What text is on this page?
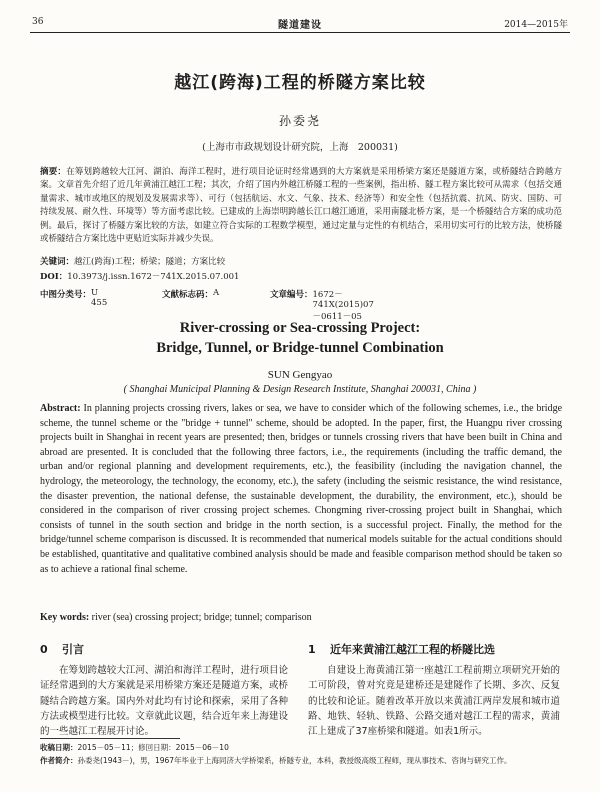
36	隧道建设	2014—2015年
越江(跨海)工程的桥隧方案比较
孙委尧
(上海市市政规划设计研究院，上海　200031)
摘要：在筹划跨越较大江河、湖泊、海洋工程时，进行项目论证时经常遇到的大方案就是采用桥梁方案还是隧道方案，或桥隧结合跨越方案。文章首先介绍了近几年黄浦江越江工程；其次，介绍了国内外越江桥隧工程的一些案例，指出桥、隧工程方案比较可从需求（包括交通量需求、城市或地区的规划及发展需求等）、可行（包括航运、水文、气象、技术、经济等）和安全性（包括抗震、抗风、防灾、国防、可持续发展、耐久性、环境等）等方面考虑比较。已建成的上海崇明跨越长江口越江通道，采用南隧北桥方案，是一个桥隧结合方案的成功范例。最后，探讨了桥隧方案比较的方法，如建立符合实际的工程数学模型，通过定量与定性的有机结合，采用切实可行的比较方法，使桥隧或桥隧结合方案比选中更贴近实际并减少失误。
关键词：越江(跨海)工程；桥梁；隧道；方案比较
DOI：10.3973/j.issn.1672－741X.2015.07.001
中图分类号： U 455
文献标志码： A	文章编号： 1672－741X(2015)07－0611－05
River-crossing or Sea-crossing Project:
Bridge, Tunnel, or Bridge-tunnel Combination
SUN Gengyao
( Shanghai Municipal Planning & Design Research Institute, Shanghai 200031, China )
Abstract: In planning projects crossing rivers, lakes or sea, we have to consider which of the following schemes, i.e., the bridge scheme, the tunnel scheme or the "bridge + tunnel" scheme, should be adopted. In the paper, first, the Huangpu river crossing projects built in Shanghai in recent years are presented; then, bridges or tunnels crossing rivers that have been built in China and abroad are presented. It is concluded that the following three factors, i.e., the requirements (including the traffic demand, the urban and/or regional planning and development requirements, etc.), the feasibility (including the navigation channel, the hydrology, the meteorology, the technology, the economy, etc.), the safety (including the seismic resistance, the wind resistance, the disaster prevention, the national defense, the sustainable development, the durability, the environment, etc.), should be considered in the comparison of river crossing project schemes. Chongming river-crossing project built in Shanghai, which consists of tunnel in the south section and bridge in the north section, is a successful project. Finally, the method for the bridge/tunnel scheme comparison is discussed. It is recommended that numerical models suitable for the actual conditions should be established, quantitative and qualitative combined analysis should be made and feasible comparison method should be taken so as to achieve a rational final scheme.
Key words: river (sea) crossing project; bridge; tunnel; comparison
0 引言

在筹划跨越较大江河、湖泊和海洋工程时，进行项目论证经常遇到的大方案就是采用桥梁方案还是隧道方案，或桥隧结合跨越方案。国内外对此均有讨论和探索，采用了各种方法或模型进行比较。文章就此议题，结合近年来上海建设的一些越江工程展开讨论。

1 近年来黄浦江越江工程的桥隧比选

自建设上海黄浦江第一座越江工程前期立项研究开始的工可阶段，曾对究竟是建桥还是建隧作了长期、多次、反复的比较和论证。随着改革开放以来黄浦江两岸发展和城市道路、地铁、轻轨、铁路、公路交通对越江工程的需求，黄浦江上建成了37座桥梁和隧道。如表1所示。

收稿日期：2015－05－11；修回日期：2015－06－10
作者简介：孙委尧(1943－)，男，1967年毕业于上海同济大学桥梁系，桥隧专业，本科，教授级高级工程师，现从事技术、咨询与研究工作。
